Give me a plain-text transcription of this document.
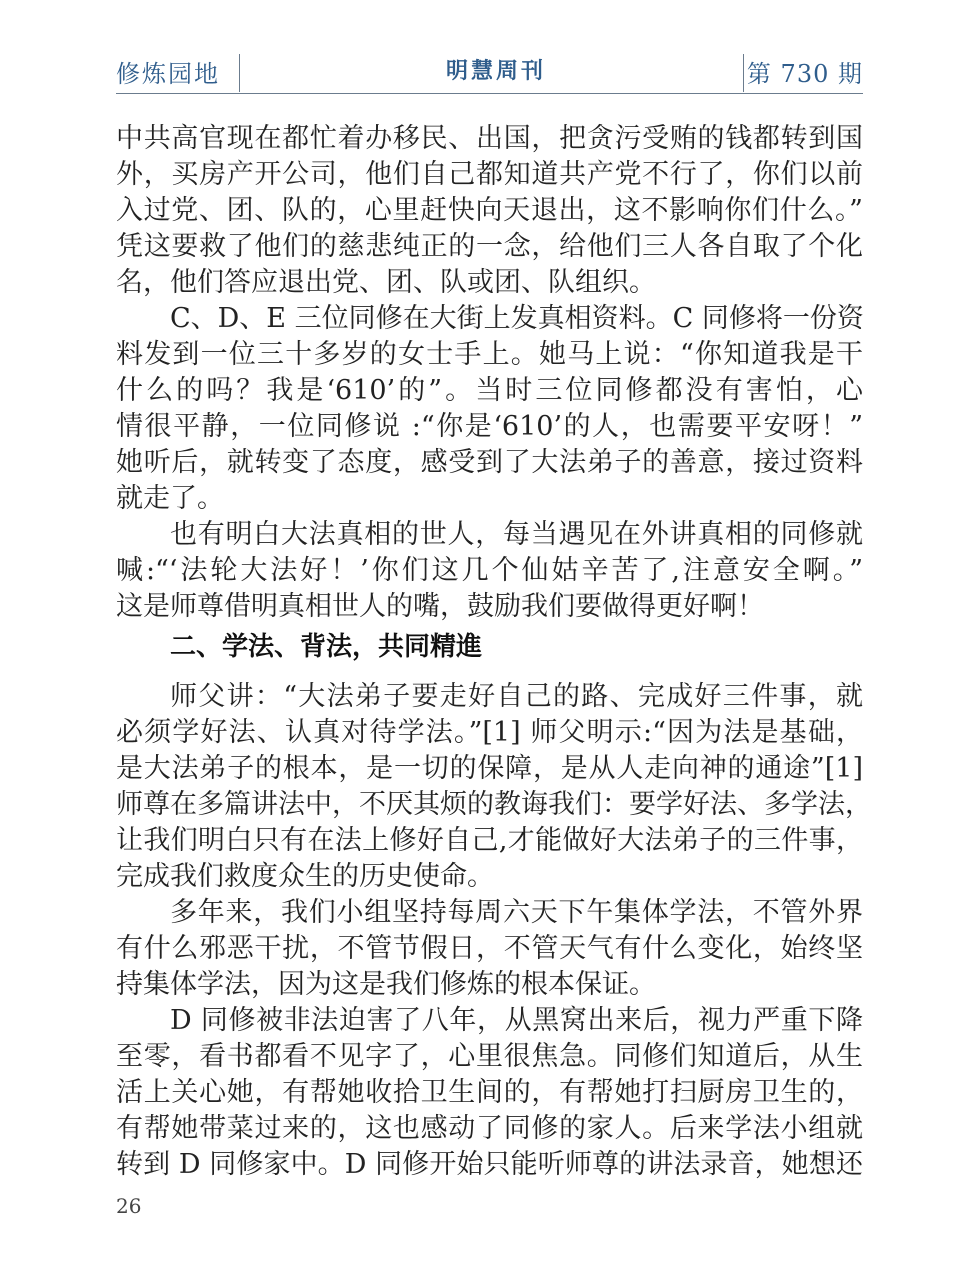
修炼园地	明慧周刊	第 730 期
中共高官现在都忙着办移民、出国，把贪污受贿的钱都转到国
外，买房产开公司，他们自己都知道共产党不行了，你们以前
入过党、团、队的，心里赶快向天退出，这不影响你们什么。”
凭这要救了他们的慈悲纯正的一念，给他们三人各自取了个化
名，他们答应退出党、团、队或团、队组织。
C、D、E 三位同修在大街上发真相资料。C 同修将一份资
料发到一位三十多岁的女士手上。她马上说：“你知道我是干
什么的吗？我是‘610’的”。当时三位同修都没有害怕，心
情很平静，一位同修说 :“你是‘610’的人，也需要平安呀！”
她听后，就转变了态度，感受到了大法弟子的善意，接过资料
就走了。
也有明白大法真相的世人，每当遇见在外讲真相的同修就
喊:“‘法轮大法好！’你们这几个仙姑辛苦了,注意安全啊。”
这是师尊借明真相世人的嘴，鼓励我们要做得更好啊！
二、学法、背法，共同精進
师父讲：“大法弟子要走好自己的路、完成好三件事，就
必须学好法、认真对待学法。”[1] 师父明示:“因为法是基础，
是大法弟子的根本，是一切的保障，是从人走向神的通途”[1]
师尊在多篇讲法中，不厌其烦的教诲我们：要学好法、多学法，
让我们明白只有在法上修好自己,才能做好大法弟子的三件事，
完成我们救度众生的历史使命。
多年来，我们小组坚持每周六天下午集体学法，不管外界
有什么邪恶干扰，不管节假日，不管天气有什么变化，始终坚
持集体学法，因为这是我们修炼的根本保证。
D 同修被非法迫害了八年，从黑窝出来后，视力严重下降
至零，看书都看不见字了，心里很焦急。同修们知道后，从生
活上关心她，有帮她收拾卫生间的，有帮她打扫厨房卫生的，
有帮她带菜过来的，这也感动了同修的家人。后来学法小组就
转到 D 同修家中。D 同修开始只能听师尊的讲法录音，她想还
26
